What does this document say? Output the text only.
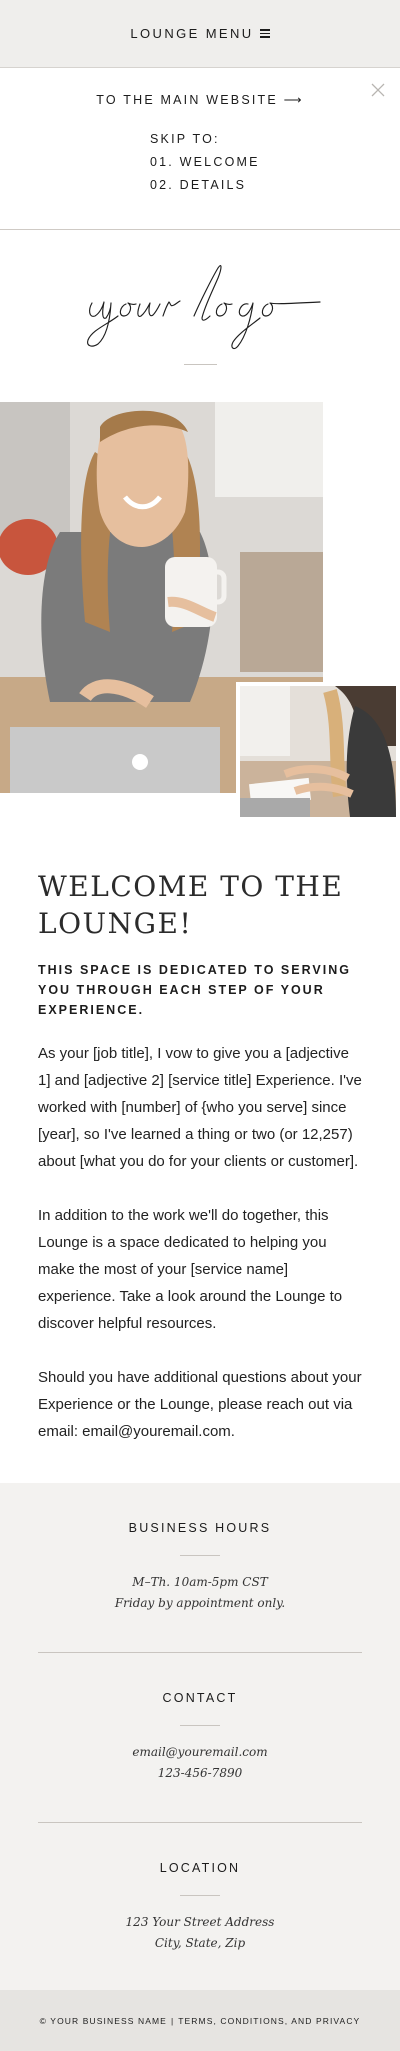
LOUNGE MENU
TO THE MAIN WEBSITE ⟶
SKIP TO:
01. WELCOME
02. DETAILS
WELCOME TO THE
LOUNGE!

THIS SPACE IS DEDICATED TO SERVING YOU THROUGH EACH STEP OF YOUR EXPERIENCE.

As your [job title], I vow to give you a [adjective 1] and [adjective 2] [service title] Experience. I've worked with [number] of {who you serve] since [year], so I've learned a thing or two (or 12,257) about [what you do for your clients or customer].

In addition to the work we'll do together, this Lounge is a space dedicated to helping you make the most of your [service name] experience. Take a look around the Lounge to discover helpful resources.

Should you have additional questions about your Experience or the Lounge, please reach out via email: email@youremail.com.

BUSINESS HOURS
M–Th. 10am-5pm CST
Friday by appointment only.
CONTACT
email@youremail.com
123-456-7890
LOCATION
123 Your Street Address
City, State, Zip
© YOUR BUSINESS NAME | TERMS, CONDITIONS, AND PRIVACY
